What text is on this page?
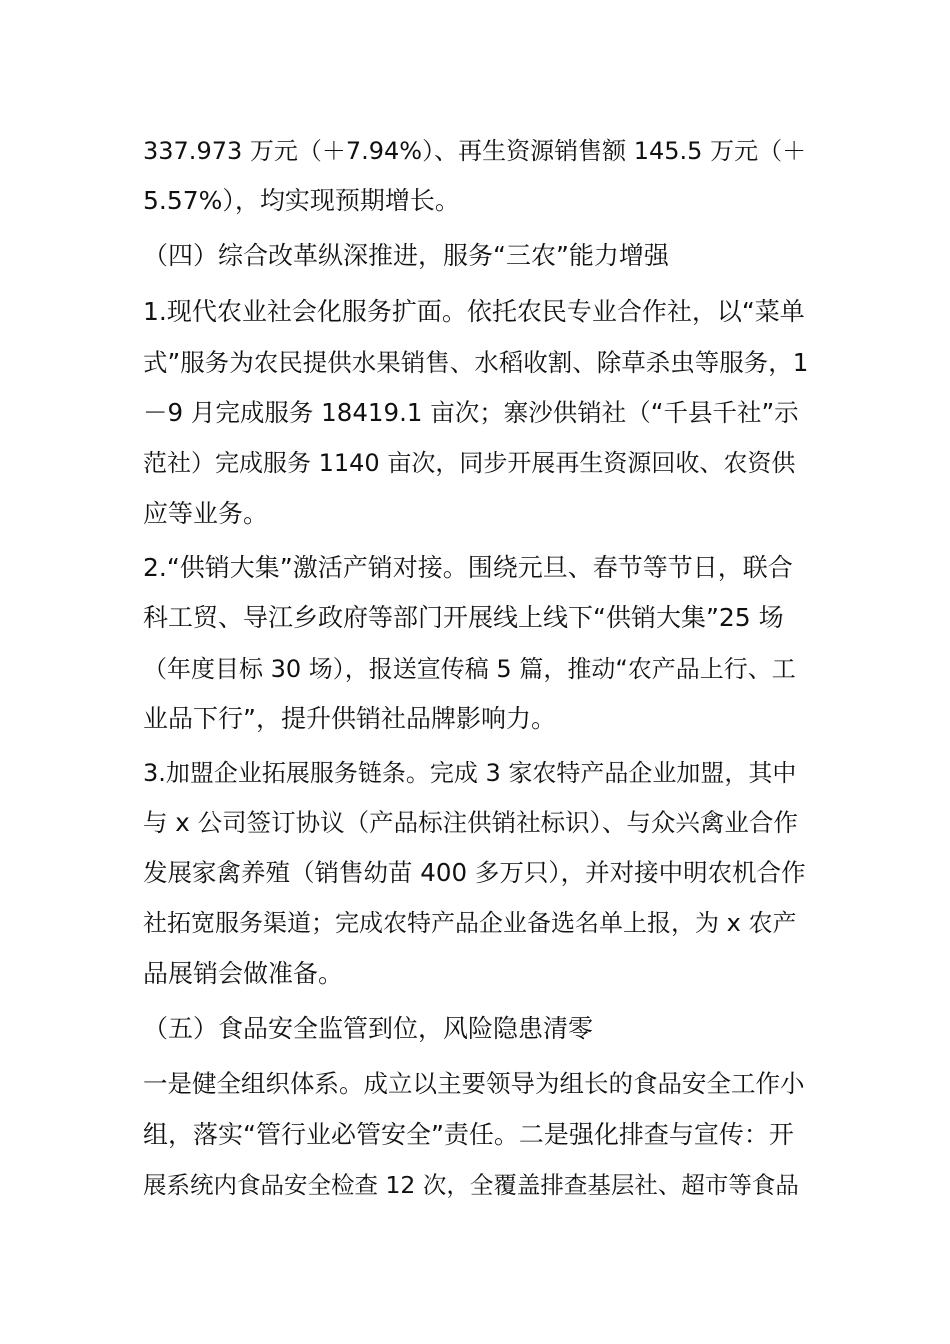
337.973 万元（＋7.94%）、再生资源销售额 145.5 万元（＋
5.57%），均实现预期增长。
（四）综合改革纵深推进，服务“三农”能力增强
1.现代农业社会化服务扩面。依托农民专业合作社，以“菜单
式”服务为农民提供水果销售、水稻收割、除草杀虫等服务，1
－9 月完成服务 18419.1 亩次；寨沙供销社（“千县千社”示
范社）完成服务 1140 亩次，同步开展再生资源回收、农资供
应等业务。
2.“供销大集”激活产销对接。围绕元旦、春节等节日，联合
科工贸、导江乡政府等部门开展线上线下“供销大集”25 场
（年度目标 30 场），报送宣传稿 5 篇，推动“农产品上行、工
业品下行”，提升供销社品牌影响力。
3.加盟企业拓展服务链条。完成 3 家农特产品企业加盟，其中
与 x 公司签订协议（产品标注供销社标识）、与众兴禽业合作
发展家禽养殖（销售幼苗 400 多万只），并对接中明农机合作
社拓宽服务渠道；完成农特产品企业备选名单上报，为 x 农产
品展销会做准备。
（五）食品安全监管到位，风险隐患清零
一是健全组织体系。成立以主要领导为组长的食品安全工作小
组，落实“管行业必管安全”责任。二是强化排查与宣传：开
展系统内食品安全检查 12 次，全覆盖排查基层社、超市等食品
